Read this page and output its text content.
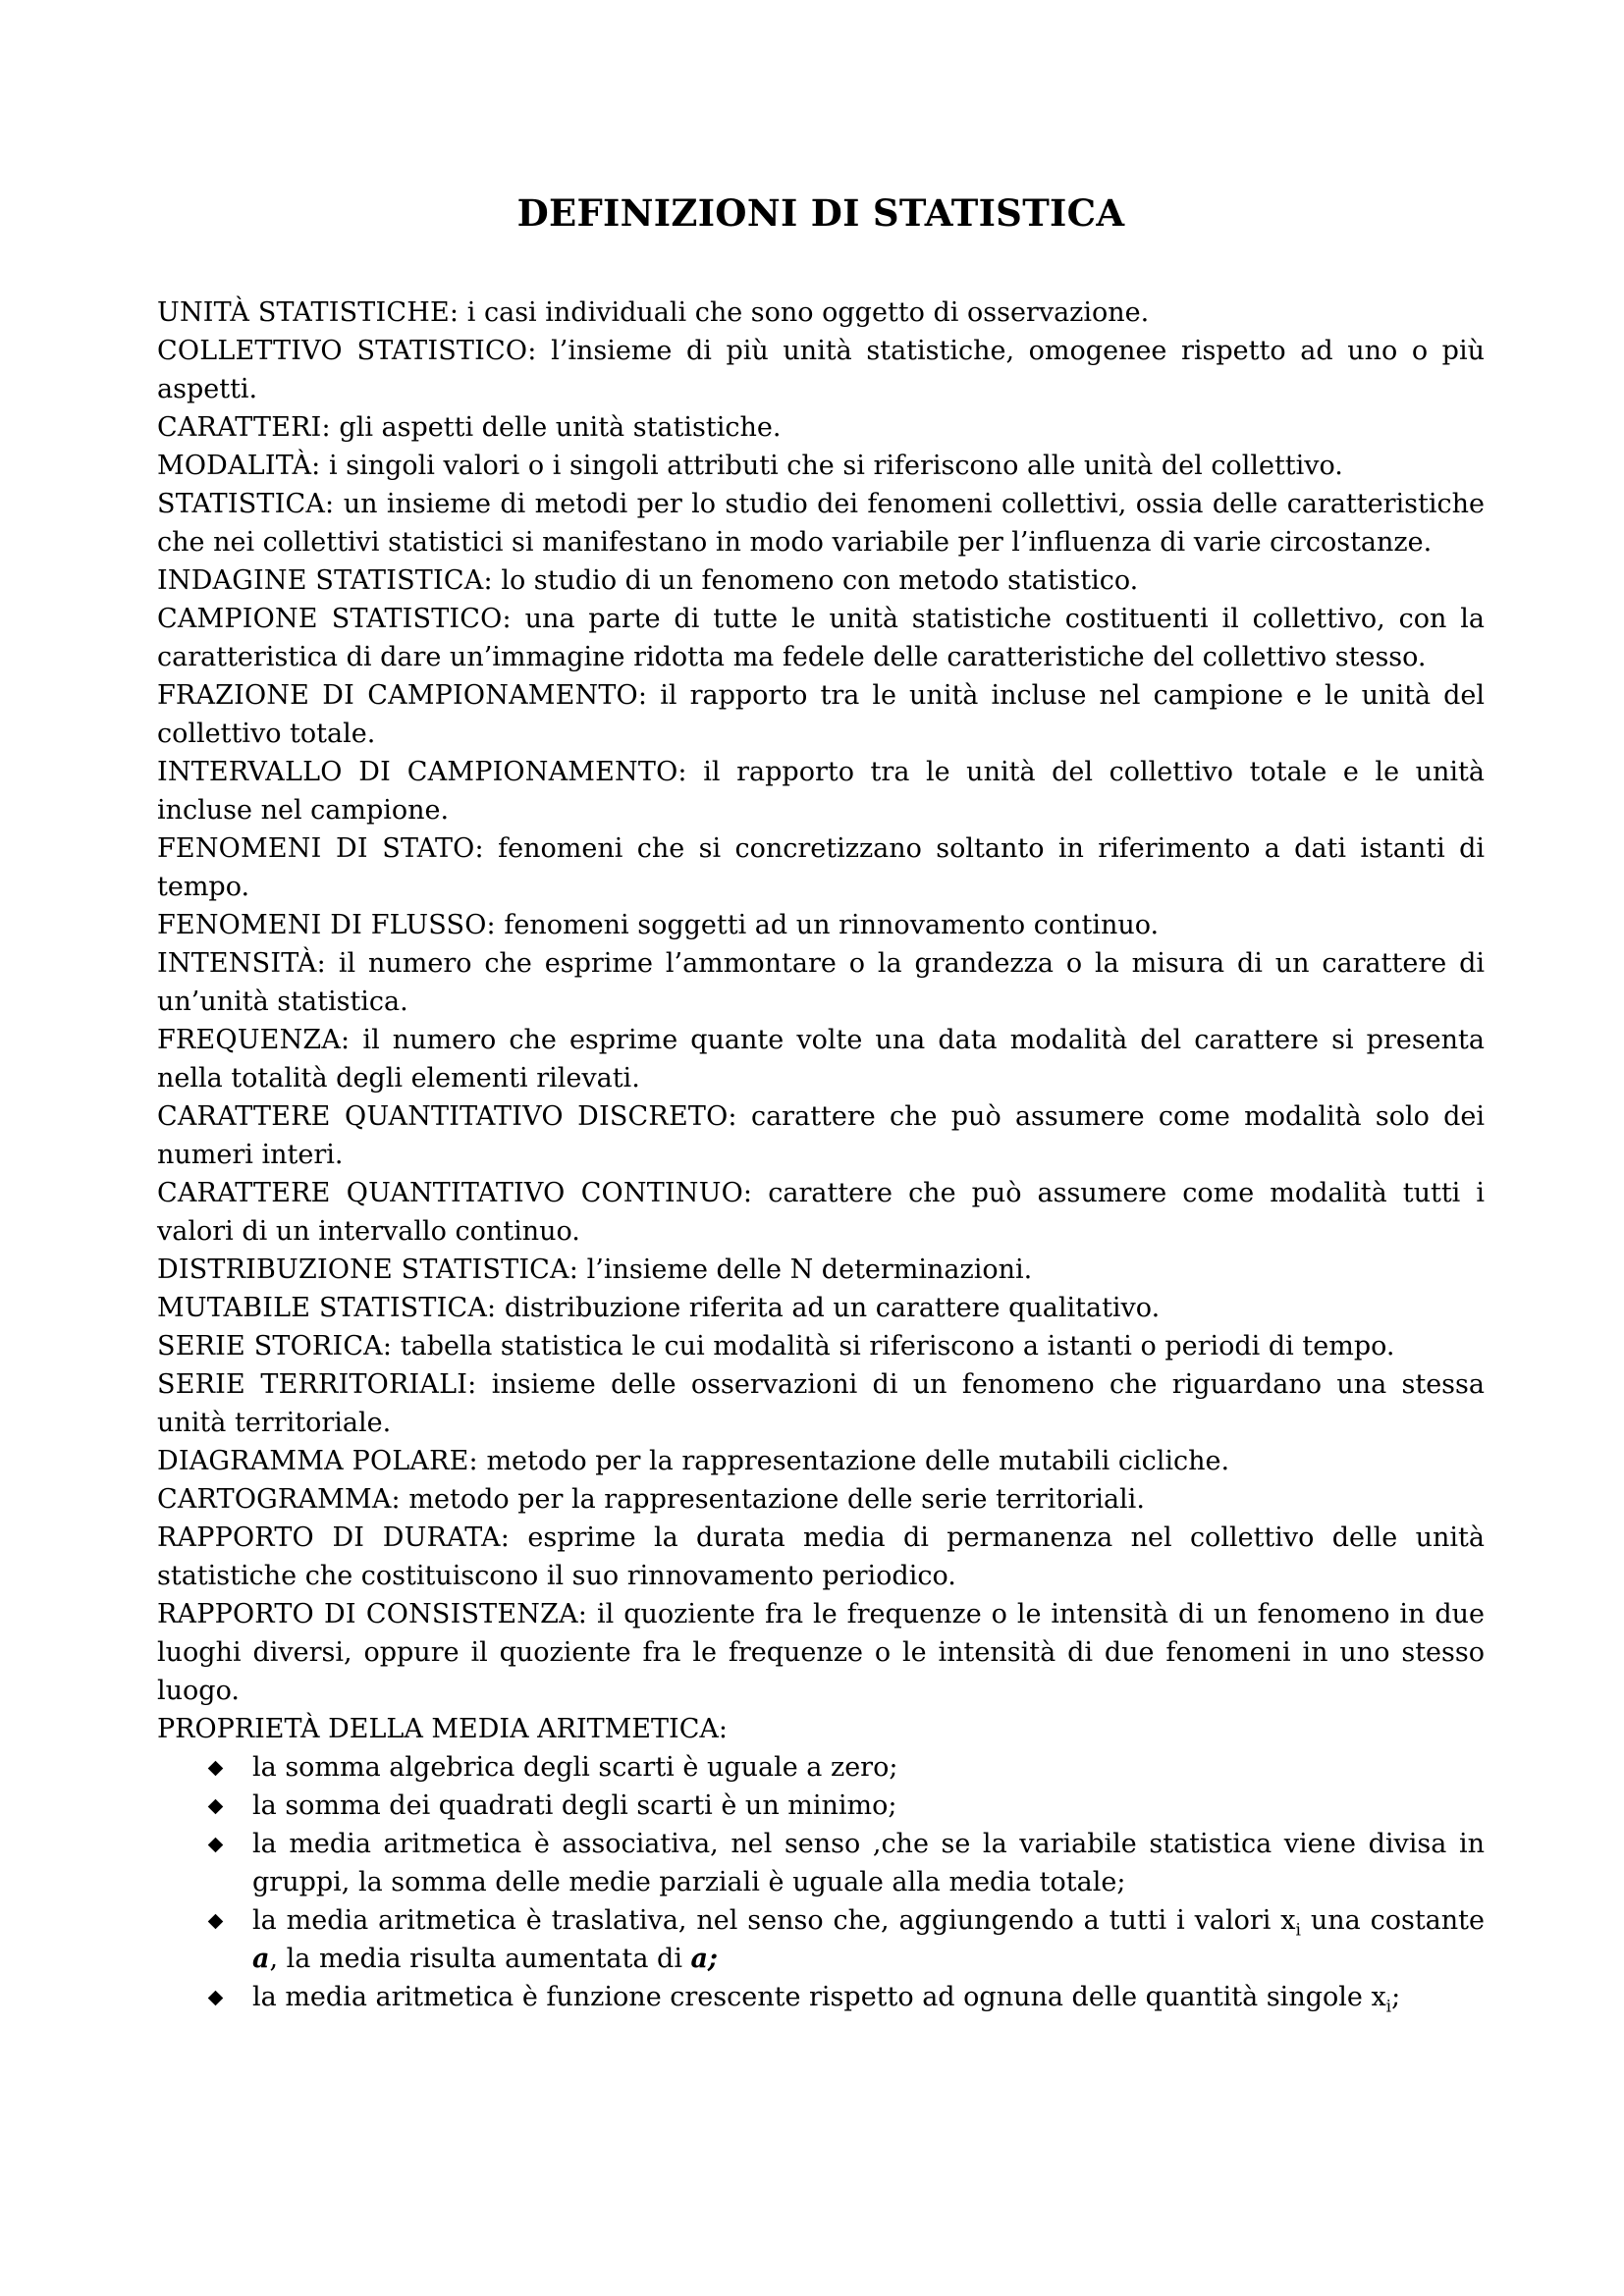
DEFINIZIONI DI STATISTICA
UNITÀ STATISTICHE: i casi individuali che sono oggetto di osservazione.
COLLETTIVO STATISTICO: l’insieme di più unità statistiche, omogenee rispetto ad uno o più aspetti.
CARATTERI: gli aspetti delle unità statistiche.
MODALITÀ: i singoli valori o i singoli attributi che si riferiscono alle unità del collettivo.
STATISTICA: un insieme di metodi per lo studio dei fenomeni collettivi, ossia delle caratteristiche che nei collettivi statistici si manifestano in modo variabile per l’influenza di varie circostanze.
INDAGINE STATISTICA: lo studio di un fenomeno con metodo statistico.
CAMPIONE STATISTICO: una parte di tutte le unità statistiche costituenti il collettivo, con la caratteristica di dare un’immagine ridotta ma fedele delle caratteristiche del collettivo stesso.
FRAZIONE DI CAMPIONAMENTO: il rapporto tra le unità incluse nel campione e le unità del collettivo totale.
INTERVALLO DI CAMPIONAMENTO: il rapporto tra le unità del collettivo totale e le unità incluse nel campione.
FENOMENI DI STATO: fenomeni che si concretizzano soltanto in riferimento a dati istanti di tempo.
FENOMENI DI FLUSSO: fenomeni soggetti ad un rinnovamento continuo.
INTENSITÀ: il numero che esprime l’ammontare o la grandezza o la misura di un carattere di un’unità statistica.
FREQUENZA: il numero che esprime quante volte una data modalità del carattere si presenta nella totalità degli elementi rilevati.
CARATTERE QUANTITATIVO DISCRETO: carattere che può assumere come modalità solo dei numeri interi.
CARATTERE QUANTITATIVO CONTINUO: carattere che può assumere come modalità tutti i valori di un intervallo continuo.
DISTRIBUZIONE STATISTICA: l’insieme delle N determinazioni.
MUTABILE STATISTICA: distribuzione riferita ad un carattere qualitativo.
SERIE STORICA: tabella statistica le cui modalità si riferiscono a istanti o periodi di tempo.
SERIE TERRITORIALI: insieme delle osservazioni di un fenomeno che riguardano una stessa unità territoriale.
DIAGRAMMA POLARE: metodo per la rappresentazione delle mutabili cicliche.
CARTOGRAMMA: metodo per la rappresentazione delle serie territoriali.
RAPPORTO DI DURATA: esprime la durata media di permanenza nel collettivo delle unità statistiche che costituiscono il suo rinnovamento periodico.
RAPPORTO DI CONSISTENZA: il quoziente fra le frequenze o le intensità di un fenomeno in due luoghi diversi, oppure il quoziente fra le frequenze o le intensità di due fenomeni in uno stesso luogo.
PROPRIETÀ DELLA MEDIA ARITMETICA:
la somma algebrica degli scarti è uguale a zero;
la somma dei quadrati degli scarti è un minimo;
la media aritmetica è associativa, nel senso ,che se la variabile statistica viene divisa in gruppi, la somma delle medie parziali è uguale alla media totale;
la media aritmetica è traslativa, nel senso che, aggiungendo a tutti i valori $x_i$ una costante a, la media risulta aumentata di a;
la media aritmetica è funzione crescente rispetto ad ognuna delle quantità singole $x_i$;
